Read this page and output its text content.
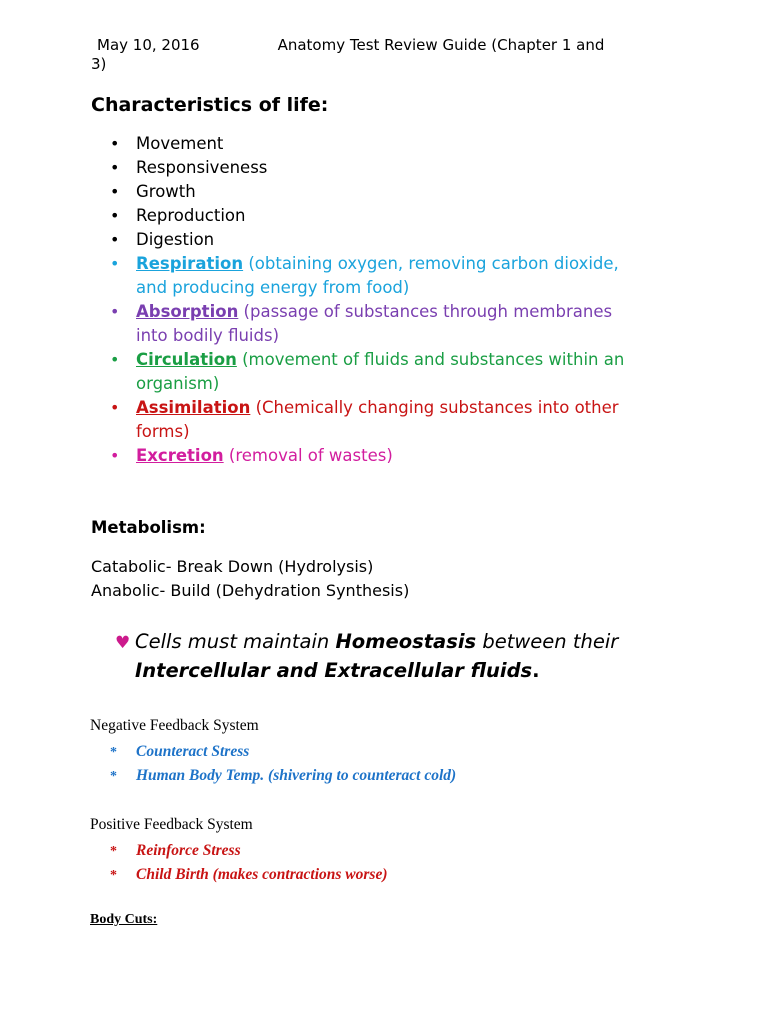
May 10, 2016	Anatomy Test Review Guide (Chapter 1 and
3)
Characteristics of life:
• Movement
• Responsiveness
• Growth
• Reproduction
• Digestion
• Respiration (obtaining oxygen, removing carbon dioxide,
and producing energy from food)
• Absorption (passage of substances through membranes
into bodily fluids)
• Circulation (movement of fluids and substances within an
organism)
• Assimilation (Chemically changing substances into other
forms)
• Excretion (removal of wastes)
Metabolism:
Catabolic- Break Down (Hydrolysis)
Anabolic- Build (Dehydration Synthesis)
♥ Cells must maintain Homeostasis between their
Intercellular and Extracellular fluids.
Negative Feedback System
* Counteract Stress
* Human Body Temp. (shivering to counteract cold)
Positive Feedback System
* Reinforce Stress
* Child Birth (makes contractions worse)
Body Cuts:
